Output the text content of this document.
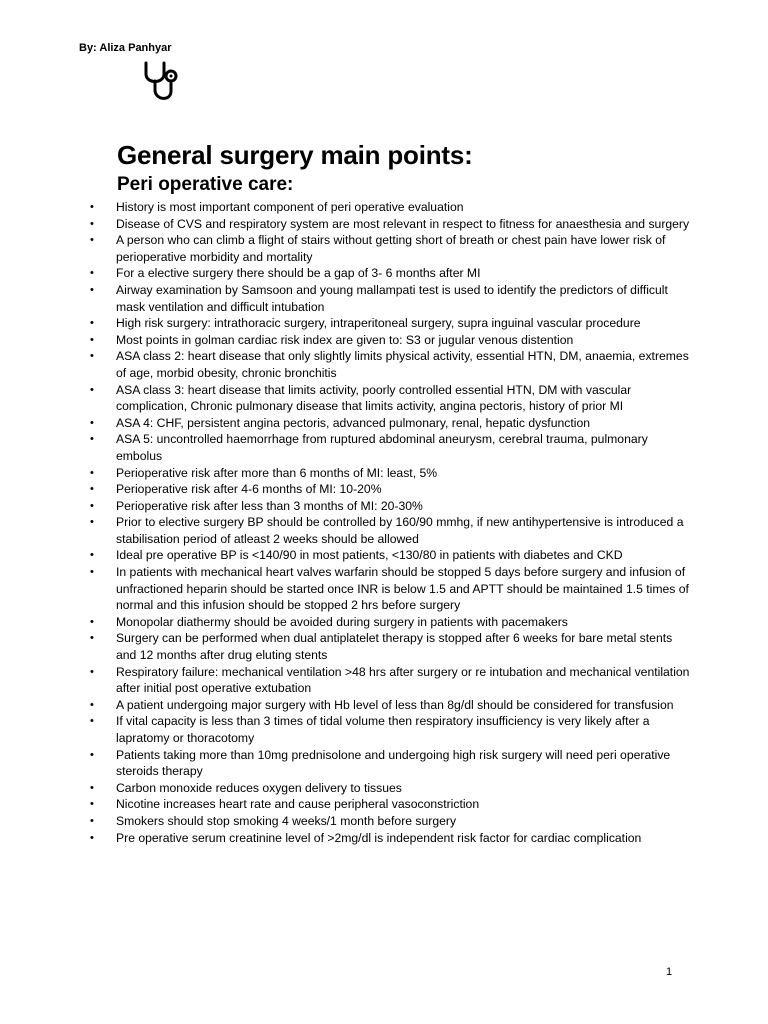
By: Aliza Panhyar
General surgery main points:
Peri operative care:
•	History is most important component of peri operative evaluation
•	Disease of CVS and respiratory system are most relevant in respect to fitness for anaesthesia and surgery
•	A person who can climb a flight of stairs without getting short of breath or chest pain have lower risk of perioperative morbidity and mortality
•	For a elective surgery there should be a gap of 3- 6 months after MI
•	Airway examination by Samsoon and young mallampati test is used to identify the predictors of difficult mask ventilation and difficult intubation
•	High risk surgery: intrathoracic surgery, intraperitoneal surgery, supra inguinal vascular procedure
•	Most points in golman cardiac risk index are given to: S3 or jugular venous distention
•	ASA class 2: heart disease that only slightly limits physical activity, essential HTN, DM, anaemia, extremes of age, morbid obesity, chronic bronchitis
•	ASA class 3: heart disease that limits activity, poorly controlled essential HTN, DM with vascular complication, Chronic pulmonary disease that limits activity, angina pectoris, history of prior MI
•	ASA 4: CHF, persistent angina pectoris, advanced pulmonary, renal, hepatic dysfunction
•	ASA 5: uncontrolled haemorrhage from ruptured abdominal aneurysm, cerebral trauma, pulmonary embolus
•	Perioperative risk after more than 6 months of MI: least, 5%
•	Perioperative risk after 4-6 months of MI: 10-20%
•	Perioperative risk after less than 3 months of MI: 20-30%
•	Prior to elective surgery BP should be controlled by 160/90 mmhg, if new antihypertensive is introduced a stabilisation period of atleast 2 weeks should be allowed
•	Ideal pre operative BP is <140/90 in most patients, <130/80 in patients with diabetes and CKD
•	In patients with mechanical heart valves warfarin should be stopped 5 days before surgery and infusion of unfractioned heparin should be started once INR is below 1.5 and APTT should be maintained 1.5 times of normal and this infusion should be stopped 2 hrs before surgery
•	Monopolar diathermy should be avoided during surgery in patients with pacemakers
•	Surgery can be performed when dual antiplatelet therapy is stopped after 6 weeks for bare metal stents and 12 months after drug eluting stents
•	Respiratory failure: mechanical ventilation >48 hrs after surgery or re intubation and mechanical ventilation after initial post operative extubation
•	A patient undergoing major surgery with Hb level of less than 8g/dl should be considered for transfusion
•	If vital capacity is less than 3 times of tidal volume then respiratory insufficiency is very likely after a lapratomy or thoracotomy
•	Patients taking more than 10mg prednisolone and undergoing high risk surgery will need peri operative steroids therapy
•	Carbon monoxide reduces oxygen delivery to tissues
•	Nicotine increases heart rate and cause peripheral vasoconstriction
•	Smokers should stop smoking 4 weeks/1 month before surgery
•	Pre operative serum creatinine level of >2mg/dl is independent risk factor for cardiac complication
1
